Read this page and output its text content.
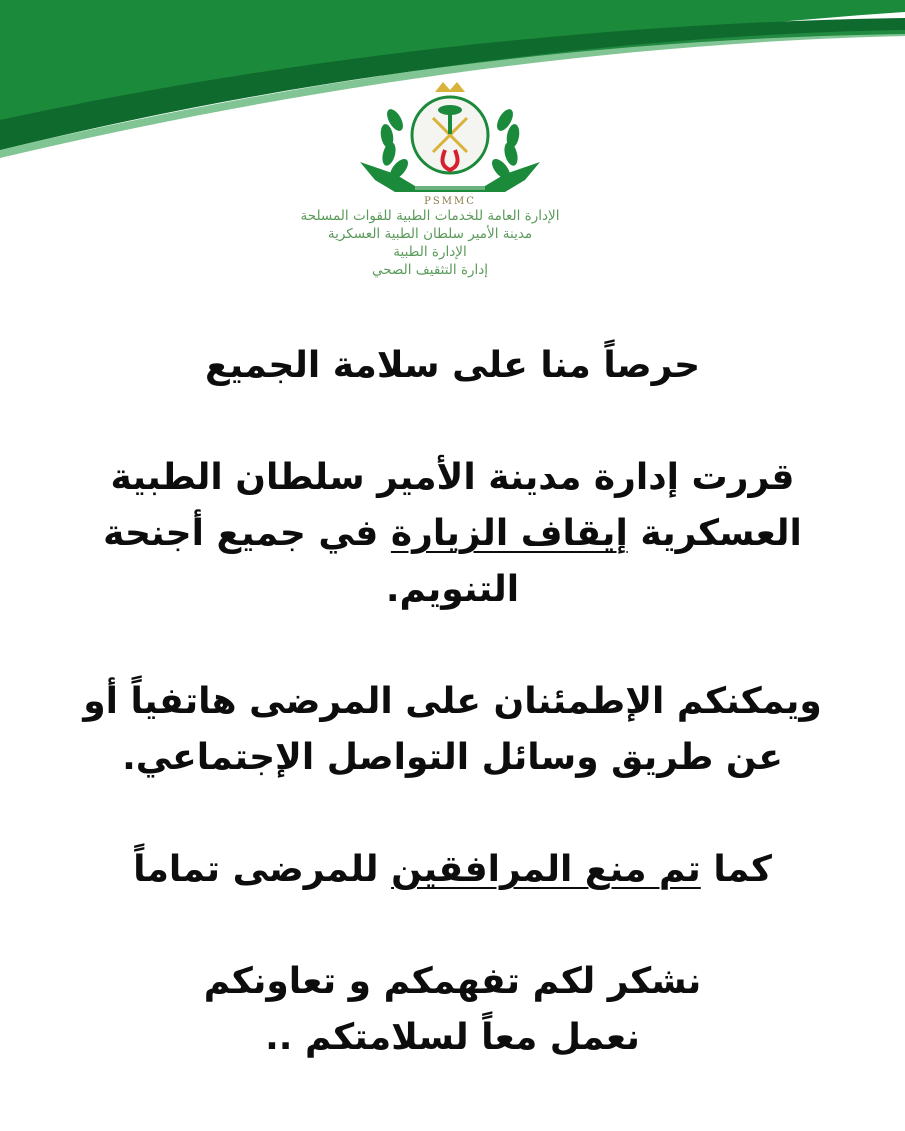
PSMMC
الإدارة العامة للخدمات الطبية للقوات المسلحة
مدينة الأمير سلطان الطبية العسكرية
الإدارة الطبية
إدارة التثقيف الصحي

حرصاً منا على سلامة الجميع

قررت إدارة مدينة الأمير سلطان الطبية

العسكرية إيقاف الزيارة في جميع أجنحة

التنويم.

ويمكنكم الإطمئنان على المرضى هاتفياً أو

عن طريق وسائل التواصل الإجتماعي.

كما تم منع المرافقين للمرضى تماماً

نشكر لكم تفهمكم و تعاونكم

نعمل معاً لسلامتكم ..
